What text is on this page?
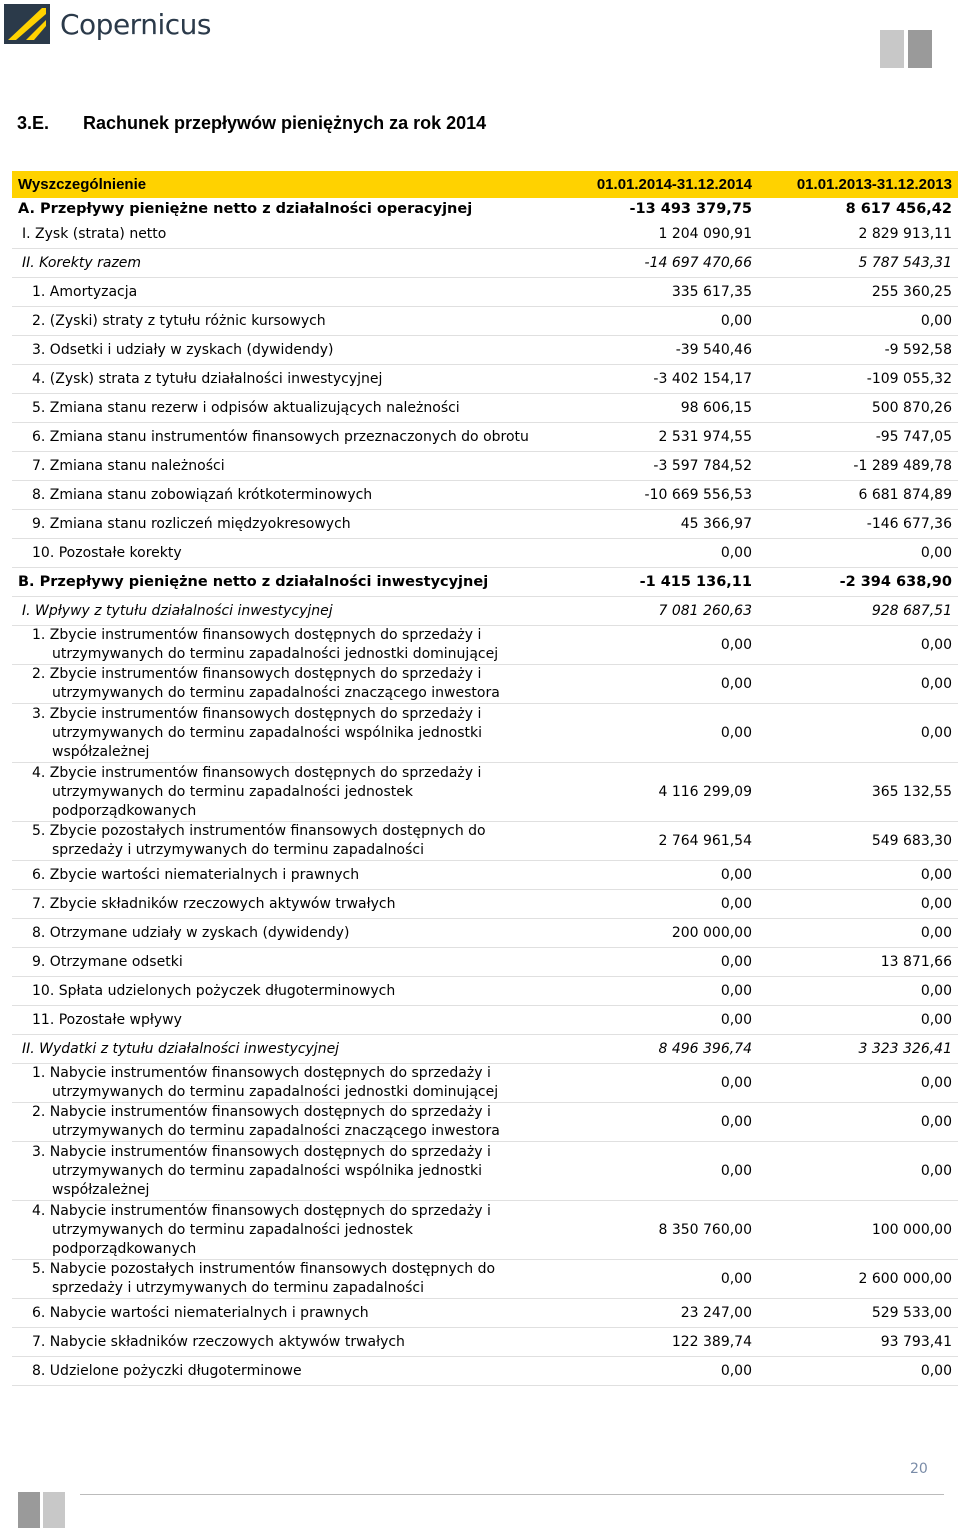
Copernicus
3.E. Rachunek przepływów pieniężnych za rok 2014
Wyszczególnienie	01.01.2014-31.12.2014	01.01.2013-31.12.2013
A. Przepływy pieniężne netto z działalności operacyjnej	-13 493 379,75	8 617 456,42
I. Zysk (strata) netto	1 204 090,91	2 829 913,11
II. Korekty razem	-14 697 470,66	5 787 543,31
1. Amortyzacja	335 617,35	255 360,25
2. (Zyski) straty z tytułu różnic kursowych	0,00	0,00
3. Odsetki i udziały w zyskach (dywidendy)	-39 540,46	-9 592,58
4. (Zysk) strata z tytułu działalności inwestycyjnej	-3 402 154,17	-109 055,32
5. Zmiana stanu rezerw i odpisów aktualizujących należności	98 606,15	500 870,26
6. Zmiana stanu instrumentów finansowych przeznaczonych do obrotu	2 531 974,55	-95 747,05
7. Zmiana stanu należności	-3 597 784,52	-1 289 489,78
8. Zmiana stanu zobowiązań krótkoterminowych	-10 669 556,53	6 681 874,89
9. Zmiana stanu rozliczeń międzyokresowych	45 366,97	-146 677,36
10. Pozostałe korekty	0,00	0,00
B. Przepływy pieniężne netto z działalności inwestycyjnej	-1 415 136,11	-2 394 638,90
I. Wpływy z tytułu działalności inwestycyjnej	7 081 260,63	928 687,51

1. Zbycie instrumentów finansowych dostępnych do sprzedaży i
utrzymywanych do terminu zapadalności jednostki dominującej	0,00	0,00

2. Zbycie instrumentów finansowych dostępnych do sprzedaży i
utrzymywanych do terminu zapadalności znaczącego inwestora	0,00	0,00

3. Zbycie instrumentów finansowych dostępnych do sprzedaży i
utrzymywanych do terminu zapadalności wspólnika jednostki
współzależnej	0,00	0,00

4. Zbycie instrumentów finansowych dostępnych do sprzedaży i
utrzymywanych do terminu zapadalności jednostek
podporządkowanych	4 116 299,09	365 132,55

5. Zbycie pozostałych instrumentów finansowych dostępnych do
sprzedaży i utrzymywanych do terminu zapadalności	2 764 961,54	549 683,30
6. Zbycie wartości niematerialnych i prawnych	0,00	0,00
7. Zbycie składników rzeczowych aktywów trwałych	0,00	0,00
8. Otrzymane udziały w zyskach (dywidendy)	200 000,00	0,00
9. Otrzymane odsetki	0,00	13 871,66
10. Spłata udzielonych pożyczek długoterminowych	0,00	0,00
11. Pozostałe wpływy	0,00	0,00
II. Wydatki z tytułu działalności inwestycyjnej	8 496 396,74	3 323 326,41

1. Nabycie instrumentów finansowych dostępnych do sprzedaży i
utrzymywanych do terminu zapadalności jednostki dominującej	0,00	0,00

2. Nabycie instrumentów finansowych dostępnych do sprzedaży i
utrzymywanych do terminu zapadalności znaczącego inwestora	0,00	0,00

3. Nabycie instrumentów finansowych dostępnych do sprzedaży i
utrzymywanych do terminu zapadalności wspólnika jednostki
współzależnej	0,00	0,00

4. Nabycie instrumentów finansowych dostępnych do sprzedaży i
utrzymywanych do terminu zapadalności jednostek
podporządkowanych	8 350 760,00	100 000,00

5. Nabycie pozostałych instrumentów finansowych dostępnych do
sprzedaży i utrzymywanych do terminu zapadalności	0,00	2 600 000,00
6. Nabycie wartości niematerialnych i prawnych	23 247,00	529 533,00
7. Nabycie składników rzeczowych aktywów trwałych	122 389,74	93 793,41
8. Udzielone pożyczki długoterminowe	0,00	0,00
20
